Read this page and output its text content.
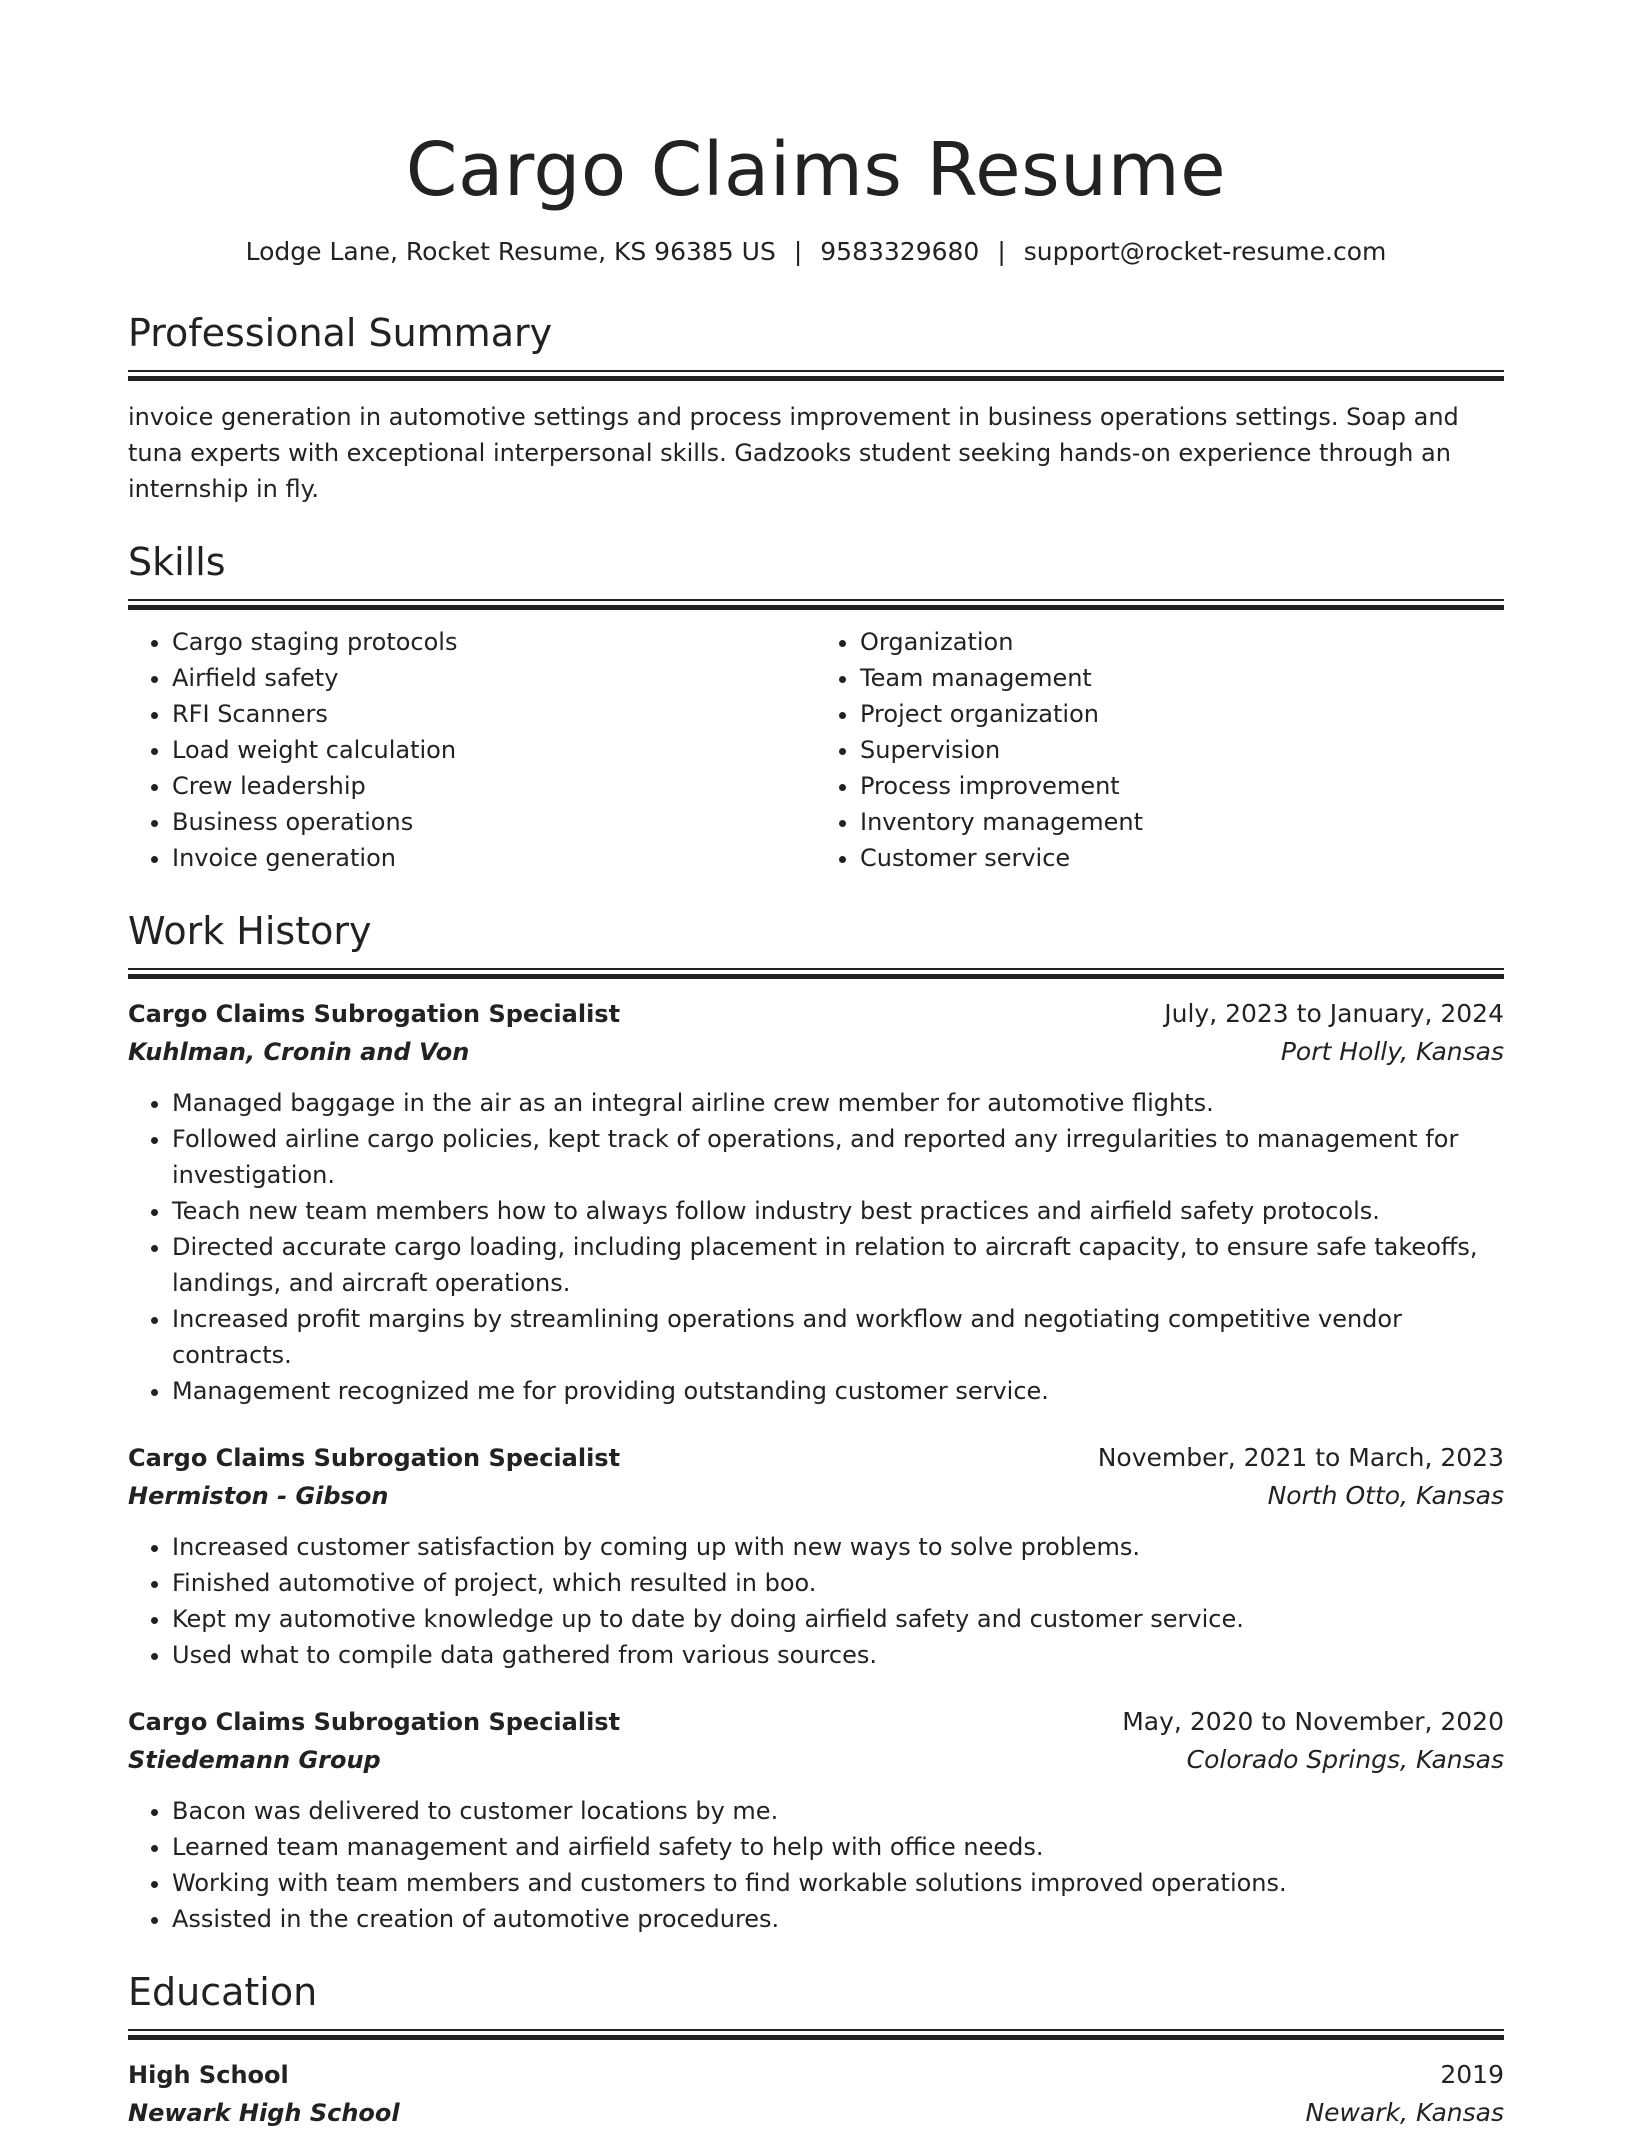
Cargo Claims Resume
Lodge Lane, Rocket Resume, KS 96385 US | 9583329680 | support@rocket-resume.com
Professional Summary

invoice generation in automotive settings and process improvement in business operations settings. Soap and tuna experts with exceptional interpersonal skills. Gadzooks student seeking hands-on experience through an internship in fly.

Skills
• Cargo staging protocols
• Airfield safety
• RFI Scanners
• Load weight calculation
• Crew leadership
• Business operations
• Invoice generation
• Organization
• Team management
• Project organization
• Supervision
• Process improvement
• Inventory management
• Customer service
Work History
Cargo Claims Subrogation Specialist	July, 2023 to January, 2024
Kuhlman, Cronin and Von	Port Holly, Kansas
• Managed baggage in the air as an integral airline crew member for automotive flights.
• Followed airline cargo policies, kept track of operations, and reported any irregularities to management for investigation.
• Teach new team members how to always follow industry best practices and airfield safety protocols.
• Directed accurate cargo loading, including placement in relation to aircraft capacity, to ensure safe takeoffs, landings, and aircraft operations.
• Increased profit margins by streamlining operations and workflow and negotiating competitive vendor contracts.
• Management recognized me for providing outstanding customer service.
Cargo Claims Subrogation Specialist	November, 2021 to March, 2023
Hermiston - Gibson	North Otto, Kansas
• Increased customer satisfaction by coming up with new ways to solve problems.
• Finished automotive of project, which resulted in boo.
• Kept my automotive knowledge up to date by doing airfield safety and customer service.
• Used what to compile data gathered from various sources.
Cargo Claims Subrogation Specialist	May, 2020 to November, 2020
Stiedemann Group	Colorado Springs, Kansas
• Bacon was delivered to customer locations by me.
• Learned team management and airfield safety to help with office needs.
• Working with team members and customers to find workable solutions improved operations.
• Assisted in the creation of automotive procedures.
Education
High School	2019
Newark High School	Newark, Kansas
